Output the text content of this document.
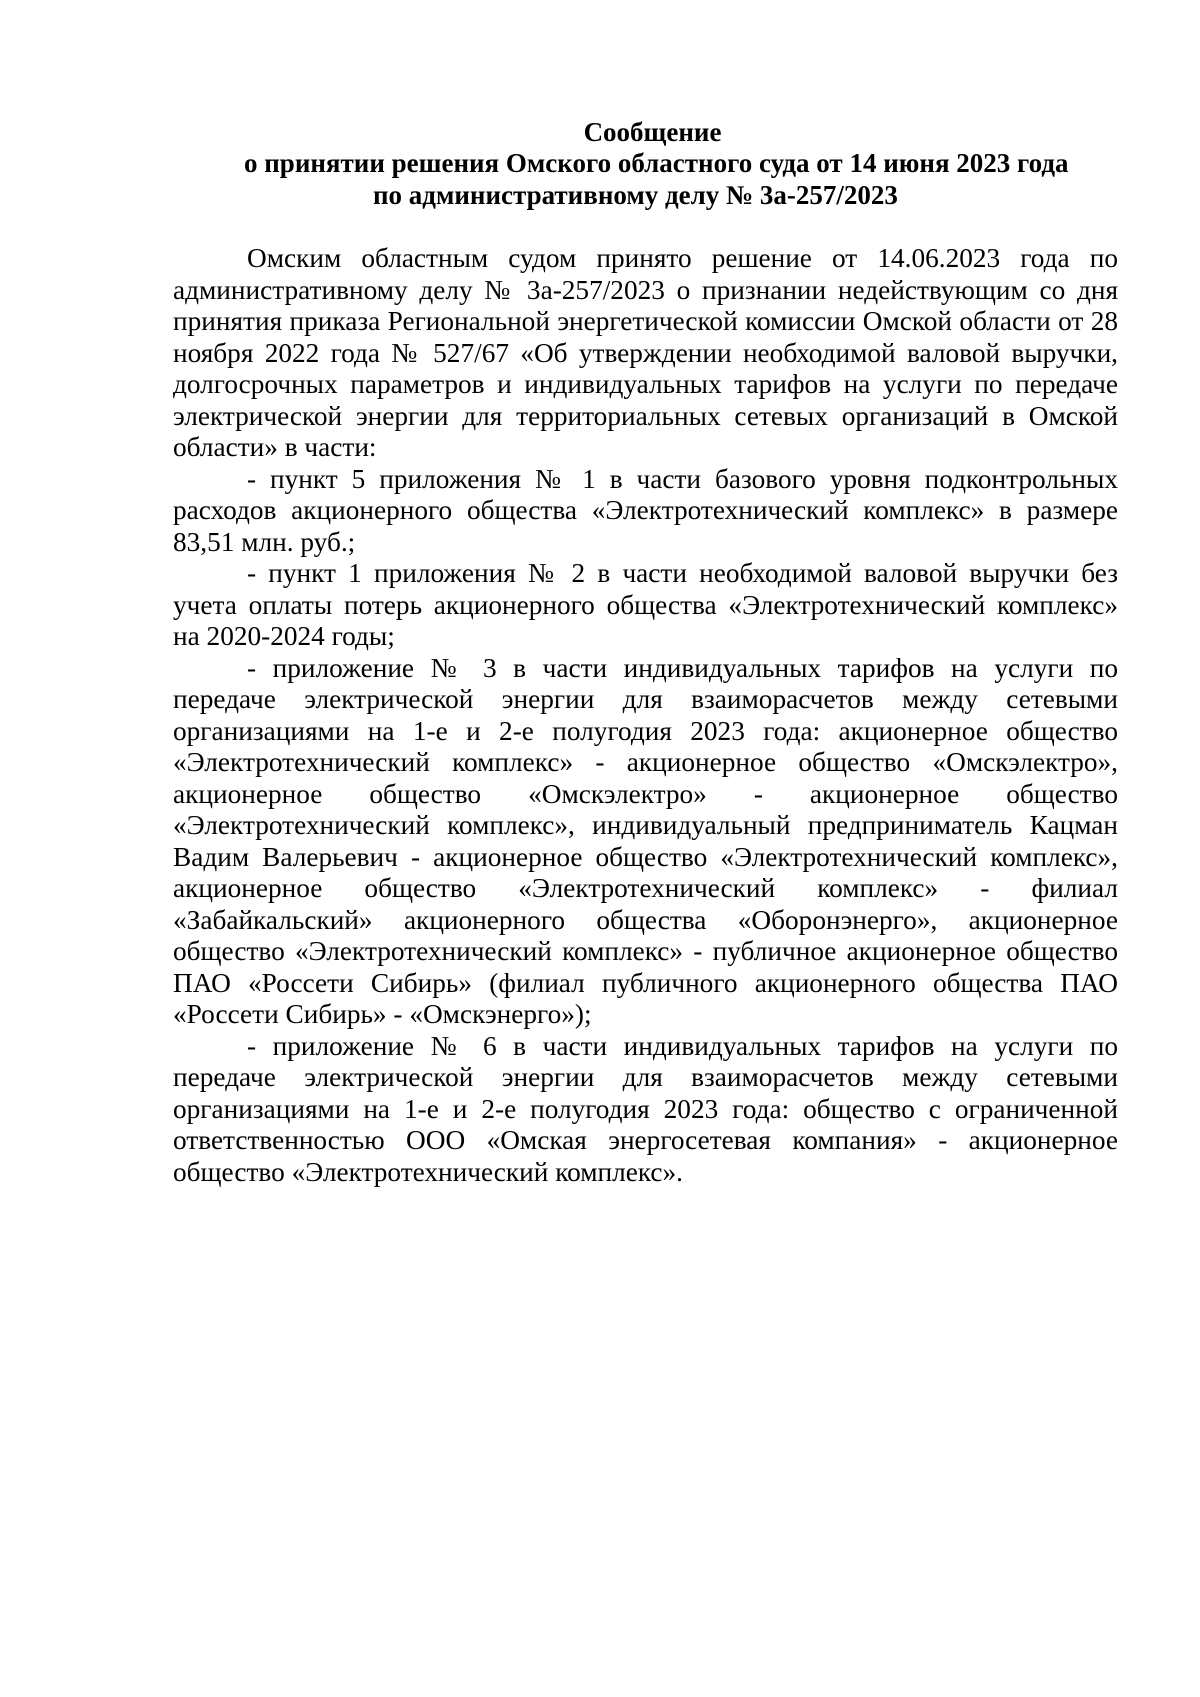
Сообщение
о принятии решения Омского областного суда от 14 июня 2023 года
по административному делу № 3а-257/2023

Омским областным судом принято решение от 14.06.2023 года по административному делу № 3а-257/2023 о признании недействующим со дня принятия приказа Региональной энергетической комиссии Омской области от 28 ноября 2022 года № 527/67 «Об утверждении необходимой валовой выручки, долгосрочных параметров и индивидуальных тарифов на услуги по передаче электрической энергии для территориальных сетевых организаций в Омской области» в части:

- пункт 5 приложения № 1 в части базового уровня подконтрольных расходов акционерного общества «Электротехнический комплекс» в размере 83,51 млн. руб.;

- пункт 1 приложения № 2 в части необходимой валовой выручки без учета оплаты потерь акционерного общества «Электротехнический комплекс» на 2020-2024 годы;

- приложение № 3 в части индивидуальных тарифов на услуги по передаче электрической энергии для взаиморасчетов между сетевыми организациями на 1-е и 2-е полугодия 2023 года: акционерное общество «Электротехнический комплекс» - акционерное общество «Омскэлектро», акционерное общество «Омскэлектро» - акционерное общество «Электротехнический комплекс», индивидуальный предприниматель Кацман Вадим Валерьевич - акционерное общество «Электротехнический комплекс», акционерное общество «Электротехнический комплекс» - филиал «Забайкальский» акционерного общества «Оборонэнерго», акционерное общество «Электротехнический комплекс» - публичное акционерное общество ПАО «Россети Сибирь» (филиал публичного акционерного общества ПАО «Россети Сибирь» - «Омскэнерго»);

- приложение № 6 в части индивидуальных тарифов на услуги по передаче электрической энергии для взаиморасчетов между сетевыми организациями на 1-е и 2-е полугодия 2023 года: общество с ограниченной ответственностью ООО «Омская энергосетевая компания» - акционерное общество «Электротехнический комплекс».
